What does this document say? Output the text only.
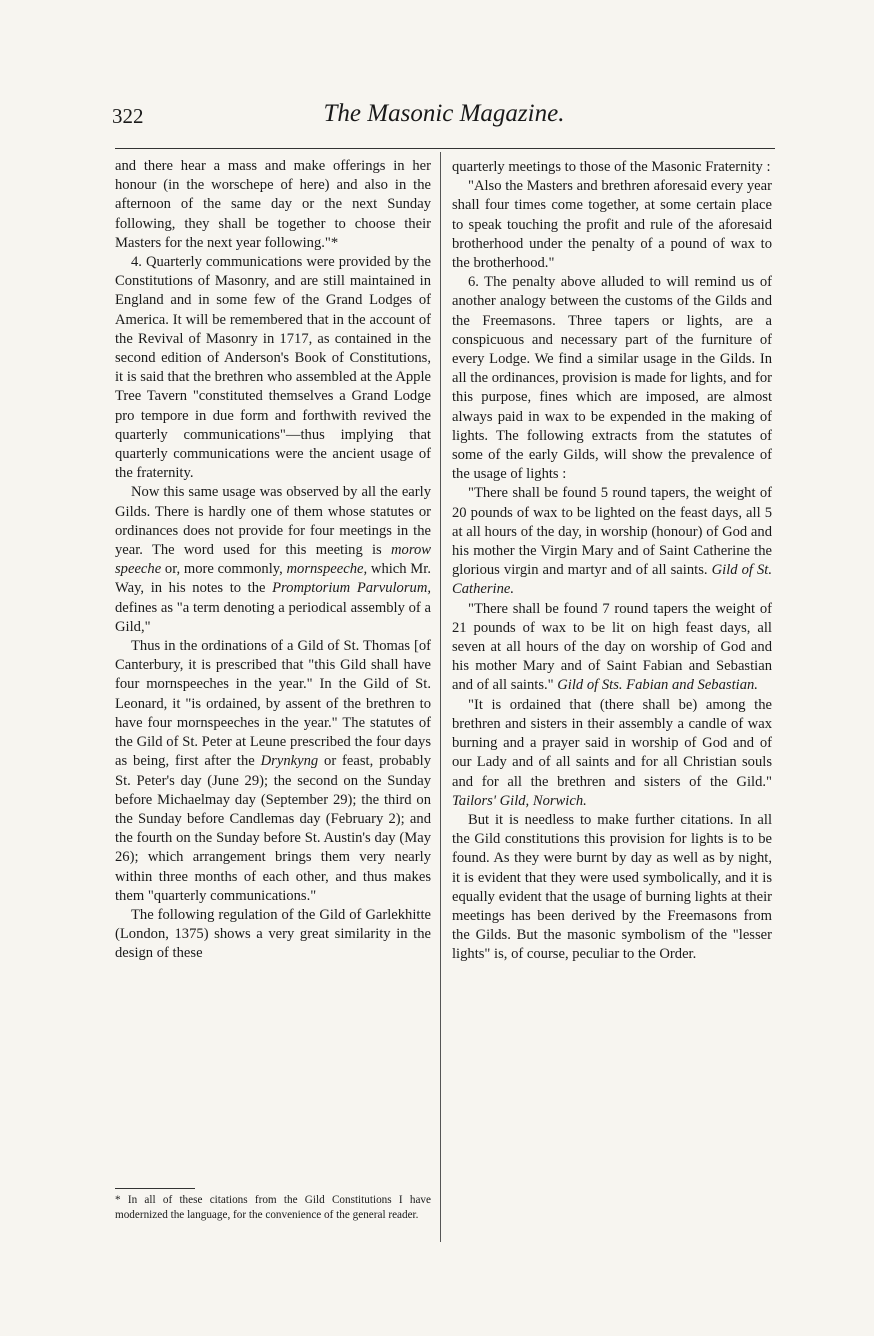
322	The Masonic Magazine.

and there hear a mass and make offerings in her honour (in the worschepe of here) and also in the afternoon of the same day or the next Sunday following, they shall be together to choose their Masters for the next year following."*

4. Quarterly communications were provided by the Constitutions of Masonry, and are still maintained in England and in some few of the Grand Lodges of America. It will be remembered that in the account of the Revival of Masonry in 1717, as contained in the second edition of Anderson's Book of Constitutions, it is said that the brethren who assembled at the Apple Tree Tavern "constituted themselves a Grand Lodge pro tempore in due form and forthwith revived the quarterly communications"—thus implying that quarterly communications were the ancient usage of the fraternity.

Now this same usage was observed by all the early Gilds. There is hardly one of them whose statutes or ordinances does not provide for four meetings in the year. The word used for this meeting is morow speeche or, more commonly, mornspeeche, which Mr. Way, in his notes to the Promptorium Parvulorum, defines as "a term denoting a periodical assembly of a Gild,"

Thus in the ordinations of a Gild of St. Thomas [of Canterbury, it is prescribed that "this Gild shall have four mornspeeches in the year." In the Gild of St. Leonard, it "is ordained, by assent of the brethren to have four mornspeeches in the year." The statutes of the Gild of St. Peter at Leune prescribed the four days as being, first after the Drynkyng or feast, probably St. Peter's day (June 29); the second on the Sunday before Michaelmay day (September 29); the third on the Sunday before Candlemas day (February 2); and the fourth on the Sunday before St. Austin's day (May 26); which arrangement brings them very nearly within three months of each other, and thus makes them "quarterly communications."

The following regulation of the Gild of Garlekhitte (London, 1375) shows a very great similarity in the design of these

quarterly meetings to those of the Masonic Fraternity :

"Also the Masters and brethren aforesaid every year shall four times come together, at some certain place to speak touching the profit and rule of the aforesaid brotherhood under the penalty of a pound of wax to the brotherhood."

6. The penalty above alluded to will remind us of another analogy between the customs of the Gilds and the Freemasons. Three tapers or lights, are a conspicuous and necessary part of the furniture of every Lodge. We find a similar usage in the Gilds. In all the ordinances, provision is made for lights, and for this purpose, fines which are imposed, are almost always paid in wax to be expended in the making of lights. The following extracts from the statutes of some of the early Gilds, will show the prevalence of the usage of lights :

"There shall be found 5 round tapers, the weight of 20 pounds of wax to be lighted on the feast days, all 5 at all hours of the day, in worship (honour) of God and his mother the Virgin Mary and of Saint Catherine the glorious virgin and martyr and of all saints. Gild of St. Catherine.

"There shall be found 7 round tapers the weight of 21 pounds of wax to be lit on high feast days, all seven at all hours of the day on worship of God and his mother Mary and of Saint Fabian and Sebastian and of all saints." Gild of Sts. Fabian and Sebastian.

"It is ordained that (there shall be) among the brethren and sisters in their assembly a candle of wax burning and a prayer said in worship of God and of our Lady and of all saints and for all Christian souls and for all the brethren and sisters of the Gild." Tailors' Gild, Norwich.

But it is needless to make further citations. In all the Gild constitutions this provision for lights is to be found. As they were burnt by day as well as by night, it is evident that they were used symbolically, and it is equally evident that the usage of burning lights at their meetings has been derived by the Freemasons from the Gilds. But the masonic symbolism of the "lesser lights" is, of course, peculiar to the Order.

* In all of these citations from the Gild Constitutions I have modernized the language, for the convenience of the general reader.
